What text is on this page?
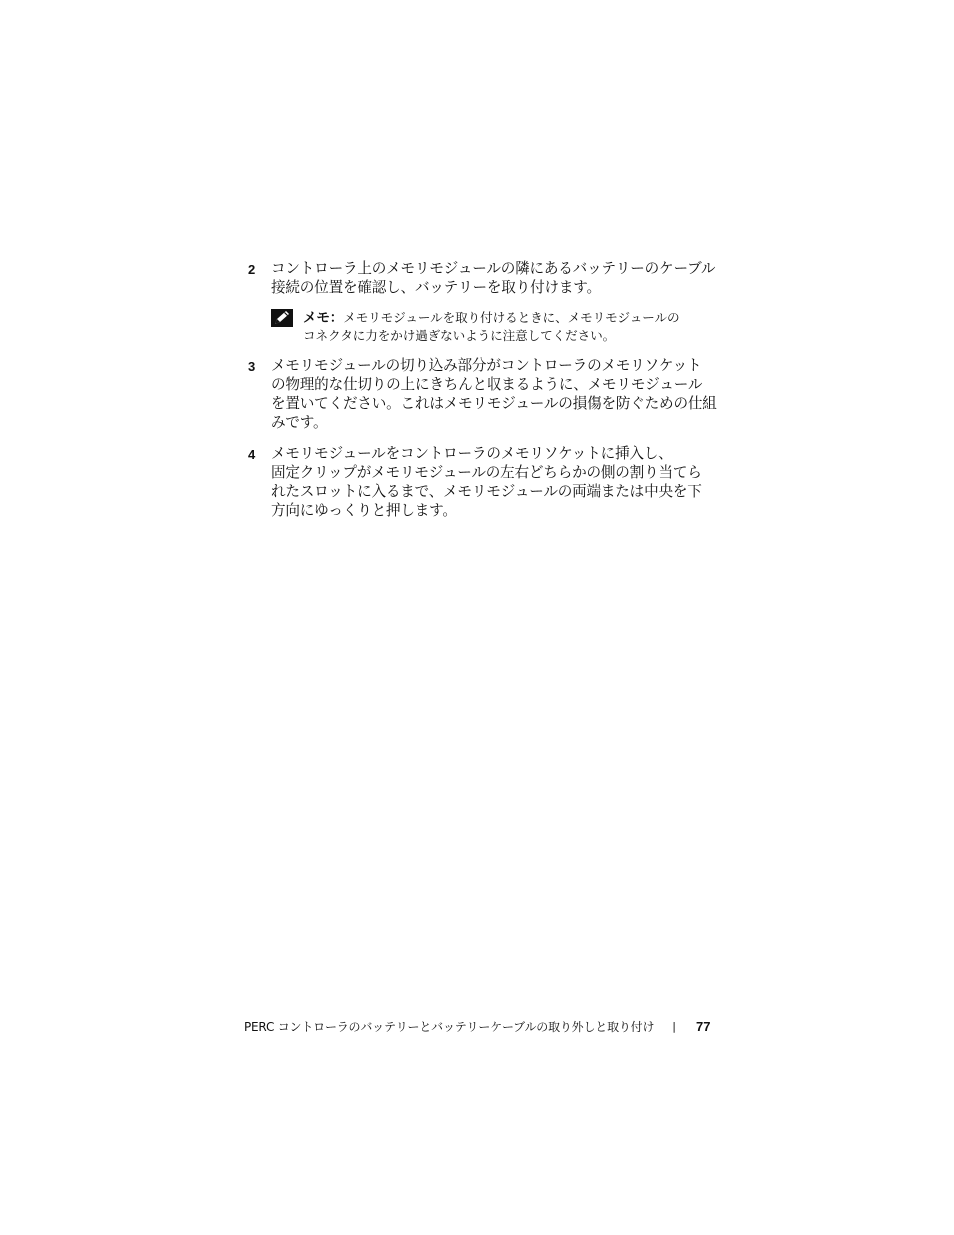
2	コントローラ上のメモリモジュールの隣にあるバッテリーのケーブル
接続の位置を確認し、バッテリーを取り付けます。
メモ：メモリモジュールを取り付けるときに、メモリモジュールの
コネクタに力をかけ過ぎないように注意してください。
3	メモリモジュールの切り込み部分がコントローラのメモリソケット
の物理的な仕切りの上にきちんと収まるように、メモリモジュール
を置いてください。これはメモリモジュールの損傷を防ぐための仕組
みです。
4	メモリモジュールをコントローラのメモリソケットに挿入し、
固定クリップがメモリモジュールの左右どちらかの側の割り当てら
れたスロットに入るまで、メモリモジュールの両端または中央を下
方向にゆっくりと押します。
PERC コントローラのバッテリーとバッテリーケーブルの取り外しと取り付け | 77
